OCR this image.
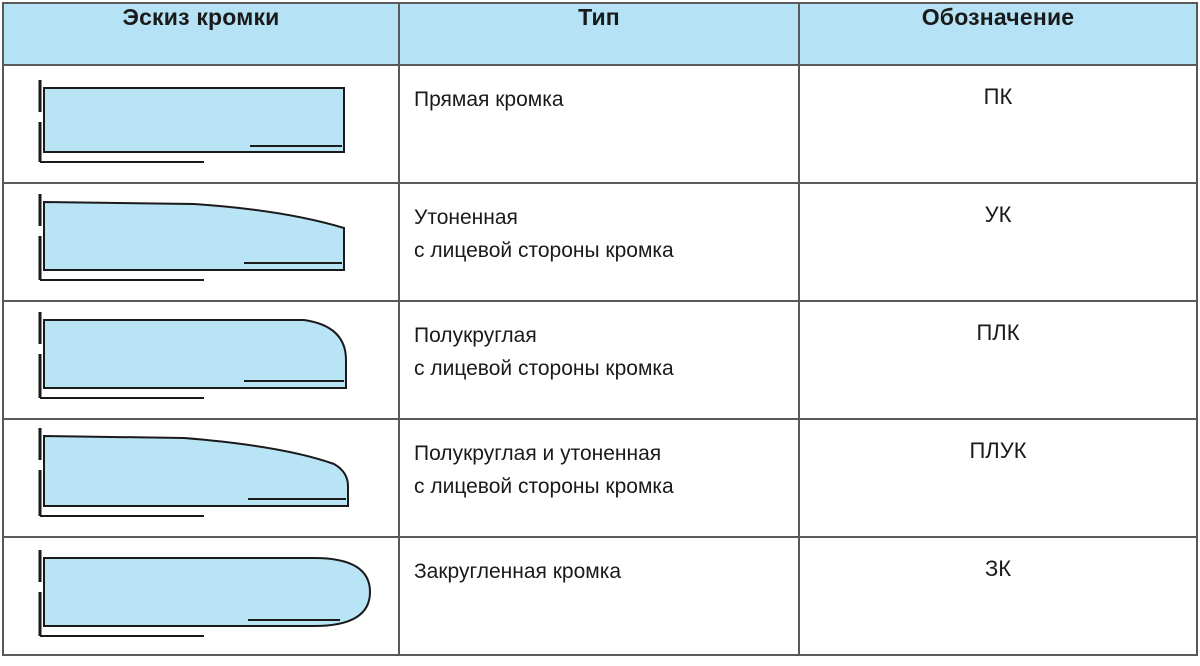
Эскиз кромки	Тип	Обозначение

Прямая кромка	ПК

Утоненная
с лицевой стороны кромка	УК

Полукруглая
с лицевой стороны кромка	ПЛК

Полукруглая и утоненная
с лицевой стороны кромка	ПЛУК

Закругленная кромка	ЗК
